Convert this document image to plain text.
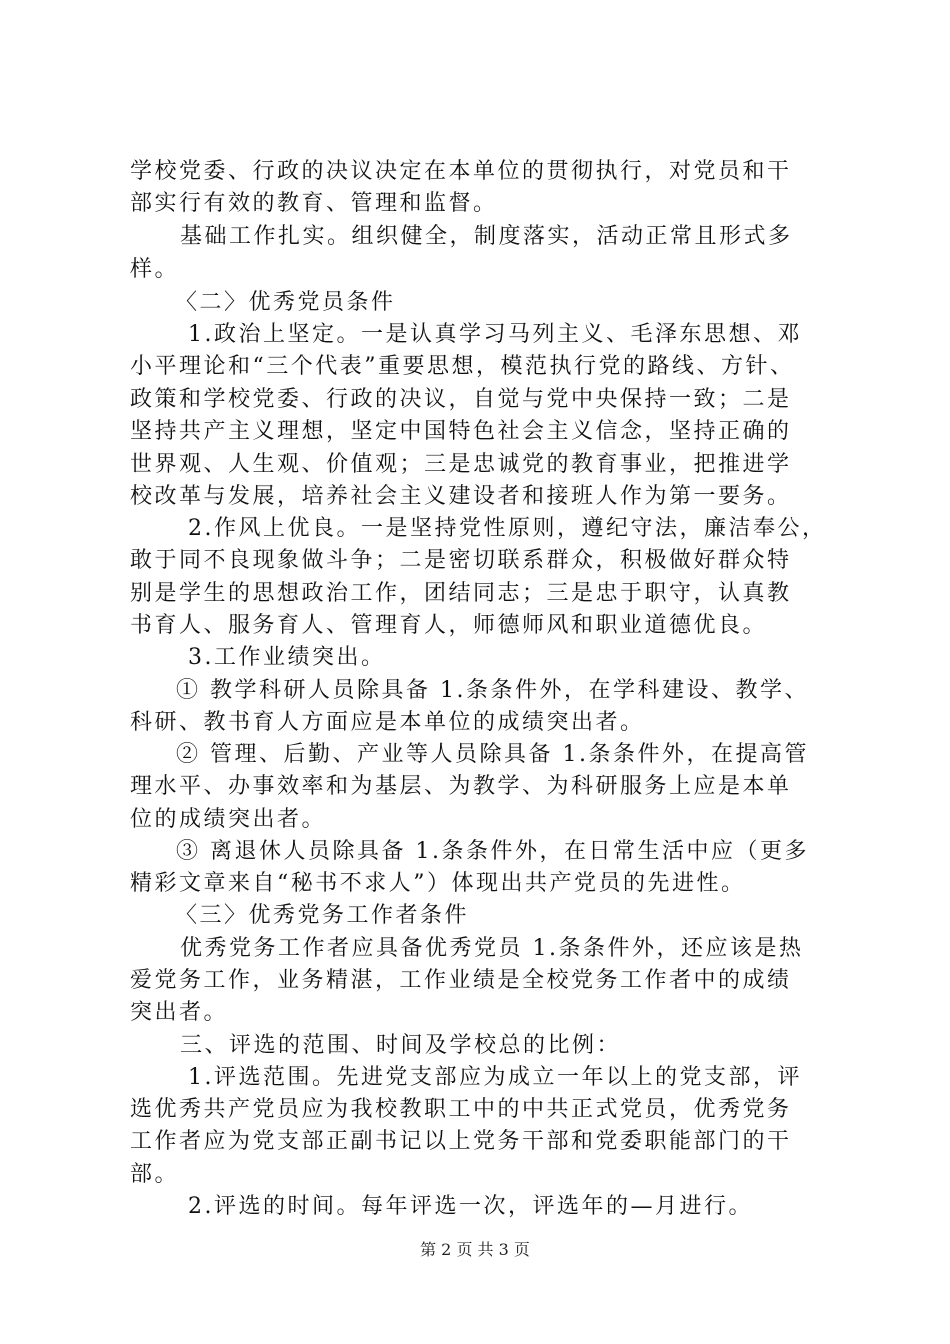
学校党委、行政的决议决定在本单位的贯彻执行，对党员和干
部实行有效的教育、管理和监督。
基础工作扎实。组织健全，制度落实，活动正常且形式多
样。
〈二〉优秀党员条件
1.政治上坚定。一是认真学习马列主义、毛泽东思想、邓
小平理论和“三个代表”重要思想，模范执行党的路线、方针、
政策和学校党委、行政的决议，自觉与党中央保持一致；二是
坚持共产主义理想，坚定中国特色社会主义信念，坚持正确的
世界观、人生观、价值观；三是忠诚党的教育事业，把推进学
校改革与发展，培养社会主义建设者和接班人作为第一要务。
2.作风上优良。一是坚持党性原则，遵纪守法，廉洁奉公，
敢于同不良现象做斗争；二是密切联系群众，积极做好群众特
别是学生的思想政治工作，团结同志；三是忠于职守，认真教
书育人、服务育人、管理育人，师德师风和职业道德优良。
3.工作业绩突出。
① 教学科研人员除具备 1.条条件外，在学科建设、教学、
科研、教书育人方面应是本单位的成绩突出者。
② 管理、后勤、产业等人员除具备 1.条条件外，在提高管
理水平、办事效率和为基层、为教学、为科研服务上应是本单
位的成绩突出者。
③ 离退休人员除具备 1.条条件外，在日常生活中应（更多
精彩文章来自“秘书不求人”）体现出共产党员的先进性。
〈三〉优秀党务工作者条件
优秀党务工作者应具备优秀党员 1.条条件外，还应该是热
爱党务工作，业务精湛，工作业绩是全校党务工作者中的成绩
突出者。
三、评选的范围、时间及学校总的比例：
1.评选范围。先进党支部应为成立一年以上的党支部，评
选优秀共产党员应为我校教职工中的中共正式党员，优秀党务
工作者应为党支部正副书记以上党务干部和党委职能部门的干
部。
2.评选的时间。每年评选一次，评选年的—月进行。
第 2 页 共 3 页
